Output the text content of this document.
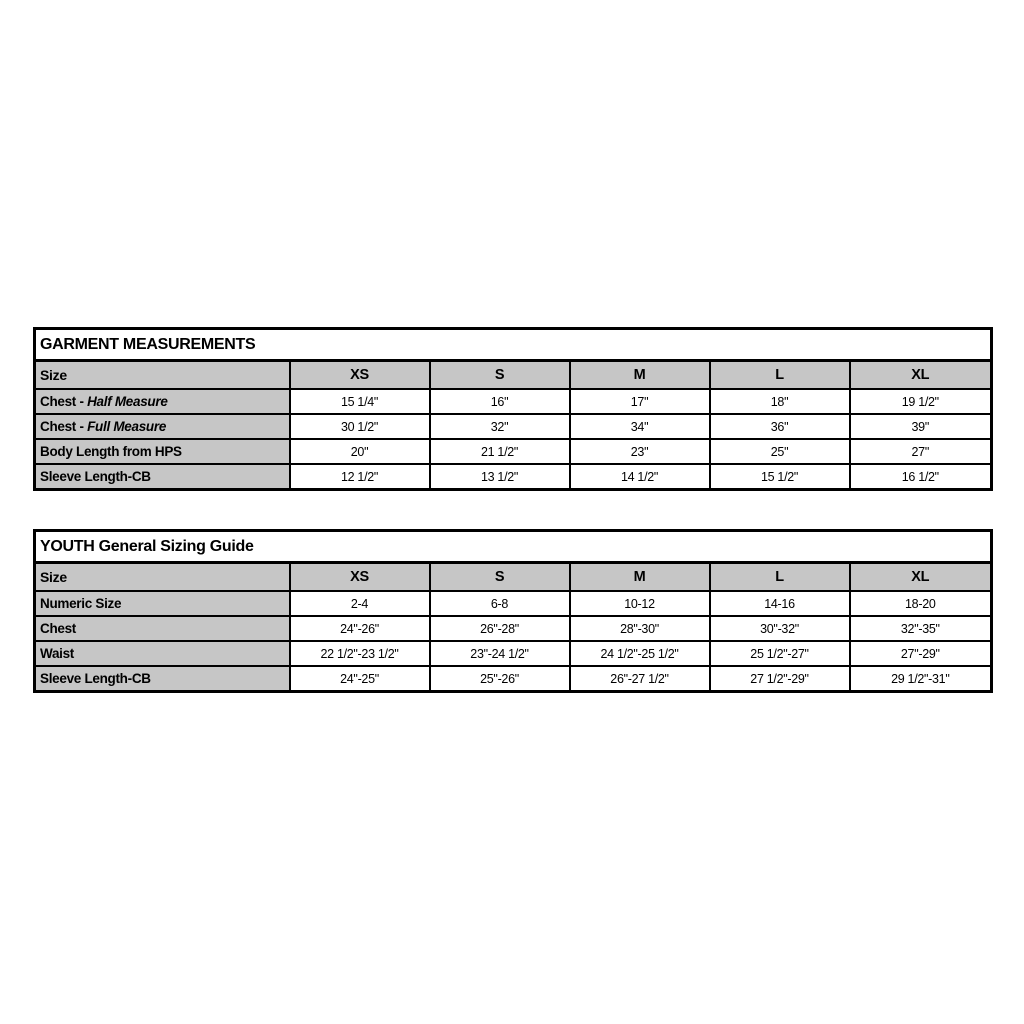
GARMENT MEASUREMENTS					
Size	XS	S	M	L	XL
Chest - Half Measure	15 1/4"	16"	17"	18"	19 1/2"
Chest - Full Measure	30 1/2"	32"	34"	36"	39"
Body Length from HPS	20"	21 1/2"	23"	25"	27"
Sleeve Length-CB	12 1/2"	13 1/2"	14 1/2"	15 1/2"	16 1/2"
YOUTH General Sizing Guide					
Size	XS	S	M	L	XL
Numeric Size	2-4	6-8	10-12	14-16	18-20
Chest	24"-26"	26"-28"	28"-30"	30"-32"	32"-35"
Waist	22 1/2"-23 1/2"	23"-24 1/2"	24 1/2"-25 1/2"	25 1/2"-27"	27"-29"
Sleeve Length-CB	24"-25"	25"-26"	26"-27 1/2"	27 1/2"-29"	29 1/2"-31"
